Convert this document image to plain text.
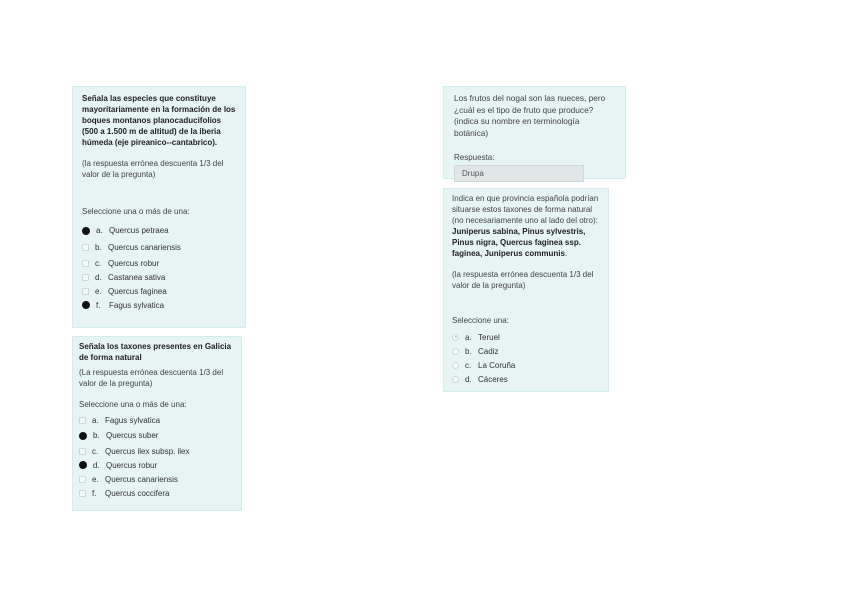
Señala las especies que constituye mayoritariamente en la formación de los boques montanos planocaducifolios (500 a 1.500 m de altitud) de la iberia húmeda (eje pireanico--cantabrico).
(la respuesta errónea descuenta 1/3 del valor de la pregunta)
Seleccione una o más de una:
a. Quercus petraea
b. Quercus canariensis
c. Quercus robur
d. Castanea sativa
e. Quercus faginea
f.	Fagus sylvatica
Señala los taxones presentes en Galicia de forma natural
(La respuesta errónea descuenta 1/3 del valor de la pregunta)
Seleccione una o más de una:
a. Fagus sylvatica
b. Quercus suber
c. Quercus ilex subsp. ilex
d. Quercus robur
e. Quercus canariensis
f.	Quercus coccifera
Los frutos del nogal son las nueces, pero ¿cuál es el tipo de fruto que produce? (indica su nombre en terminología botánica)
Respuesta:
Drupa
Indica en que provincia española podrían situarse estos taxones de forma natural (no necesariamente uno al lado del otro): Juniperus sabina, Pinus sylvestris, Pinus nigra, Quercus faginea ssp. faginea, Juniperus communis.
(la respuesta errónea descuenta 1/3 del valor de la pregunta)
Seleccione una:
a. Teruel
b. Cadiz
c. La Coruña
d. Cáceres
